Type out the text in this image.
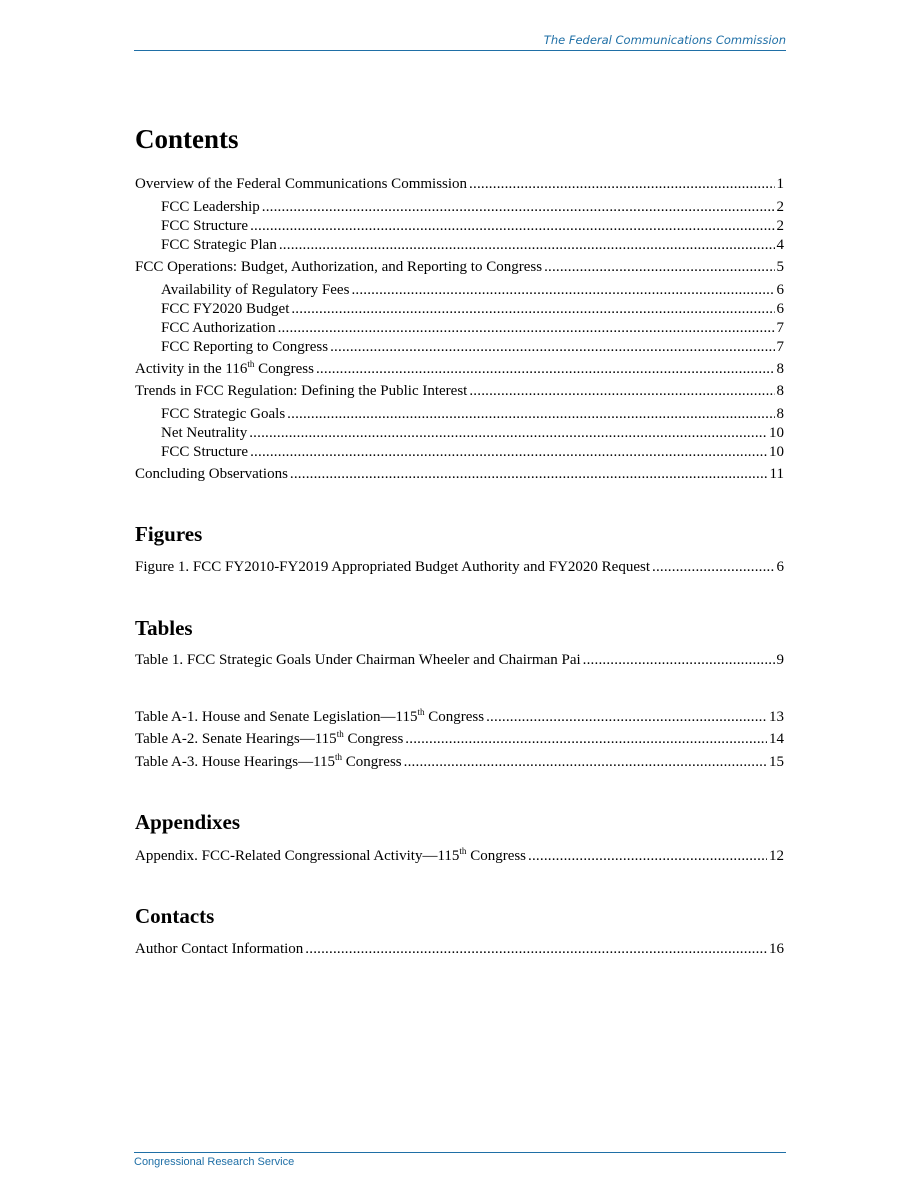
The Federal Communications Commission
Contents
Overview of the Federal Communications Commission .....	1
FCC Leadership .....	2
FCC Structure .....	2
FCC Strategic Plan .....	4
FCC Operations: Budget, Authorization, and Reporting to Congress .....	5
Availability of Regulatory Fees .....	6
FCC FY2020 Budget .....	6
FCC Authorization .....	7
FCC Reporting to Congress .....	7
Activity in the 116th Congress .....	8
Trends in FCC Regulation: Defining the Public Interest .....	8
FCC Strategic Goals .....	8
Net Neutrality .....	10
FCC Structure .....	10
Concluding Observations .....	11
Figures
Figure 1. FCC FY2010-FY2019 Appropriated Budget Authority and FY2020 Request .....	6
Tables
Table 1. FCC Strategic Goals Under Chairman Wheeler and Chairman Pai .....	9
Table A-1. House and Senate Legislation—115th Congress .....	13
Table A-2. Senate Hearings—115th Congress .....	14
Table A-3. House Hearings—115th Congress .....	15
Appendixes
Appendix. FCC-Related Congressional Activity—115th Congress .....	12
Contacts
Author Contact Information .....	16
Congressional Research Service
